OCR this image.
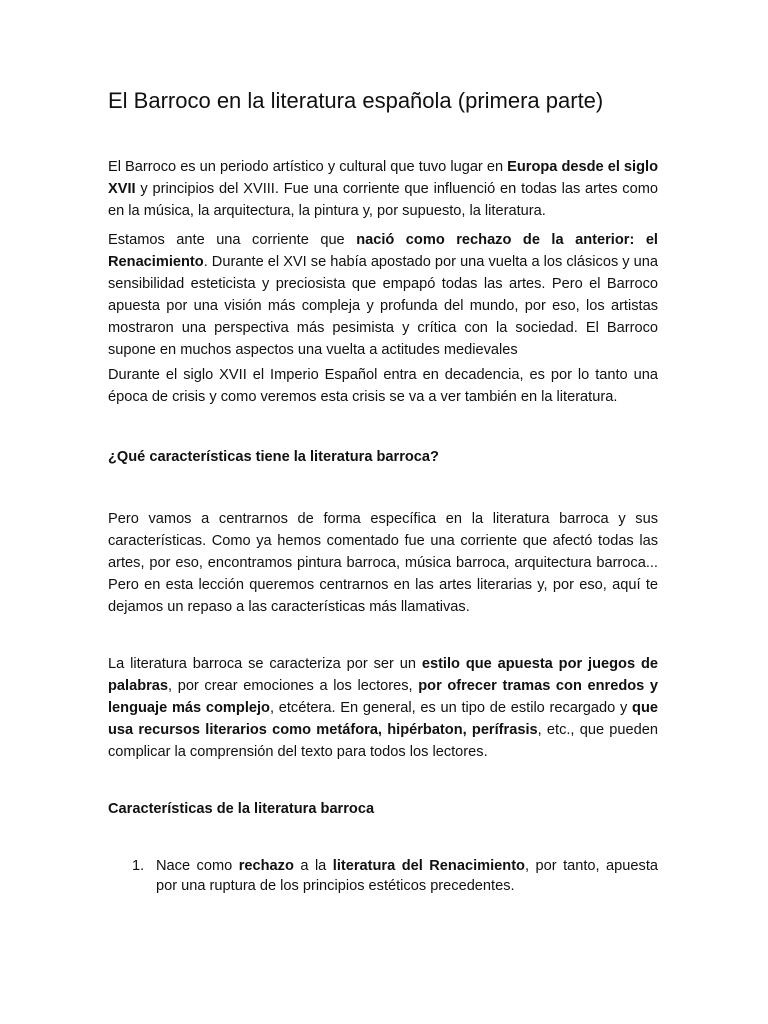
El Barroco en la literatura española (primera parte)

El Barroco es un periodo artístico y cultural que tuvo lugar en Europa desde el siglo XVII y principios del XVIII. Fue una corriente que influenció en todas las artes como en la música, la arquitectura, la pintura y, por supuesto, la literatura.

Estamos ante una corriente que nació como rechazo de la anterior: el Renacimiento. Durante el XVI se había apostado por una vuelta a los clásicos y una sensibilidad esteticista y preciosista que empapó todas las artes. Pero el Barroco apuesta por una visión más compleja y profunda del mundo, por eso, los artistas mostraron una perspectiva más pesimista y crítica con la sociedad. El Barroco supone en muchos aspectos una vuelta a actitudes medievales

Durante el siglo XVII el Imperio Español entra en decadencia, es por lo tanto una época de crisis y como veremos esta crisis se va a ver también en la literatura.

¿Qué características tiene la literatura barroca?

Pero vamos a centrarnos de forma específica en la literatura barroca y sus características. Como ya hemos comentado fue una corriente que afectó todas las artes, por eso, encontramos pintura barroca, música barroca, arquitectura barroca... Pero en esta lección queremos centrarnos en las artes literarias y, por eso, aquí te dejamos un repaso a las características más llamativas.

La literatura barroca se caracteriza por ser un estilo que apuesta por juegos de palabras, por crear emociones a los lectores, por ofrecer tramas con enredos y lenguaje más complejo, etcétera. En general, es un tipo de estilo recargado y que usa recursos literarios como metáfora, hipérbaton, perífrasis, etc., que pueden complicar la comprensión del texto para todos los lectores.

Características de la literatura barroca
1. Nace como rechazo a la literatura del Renacimiento, por tanto, apuesta por una ruptura de los principios estéticos precedentes.
